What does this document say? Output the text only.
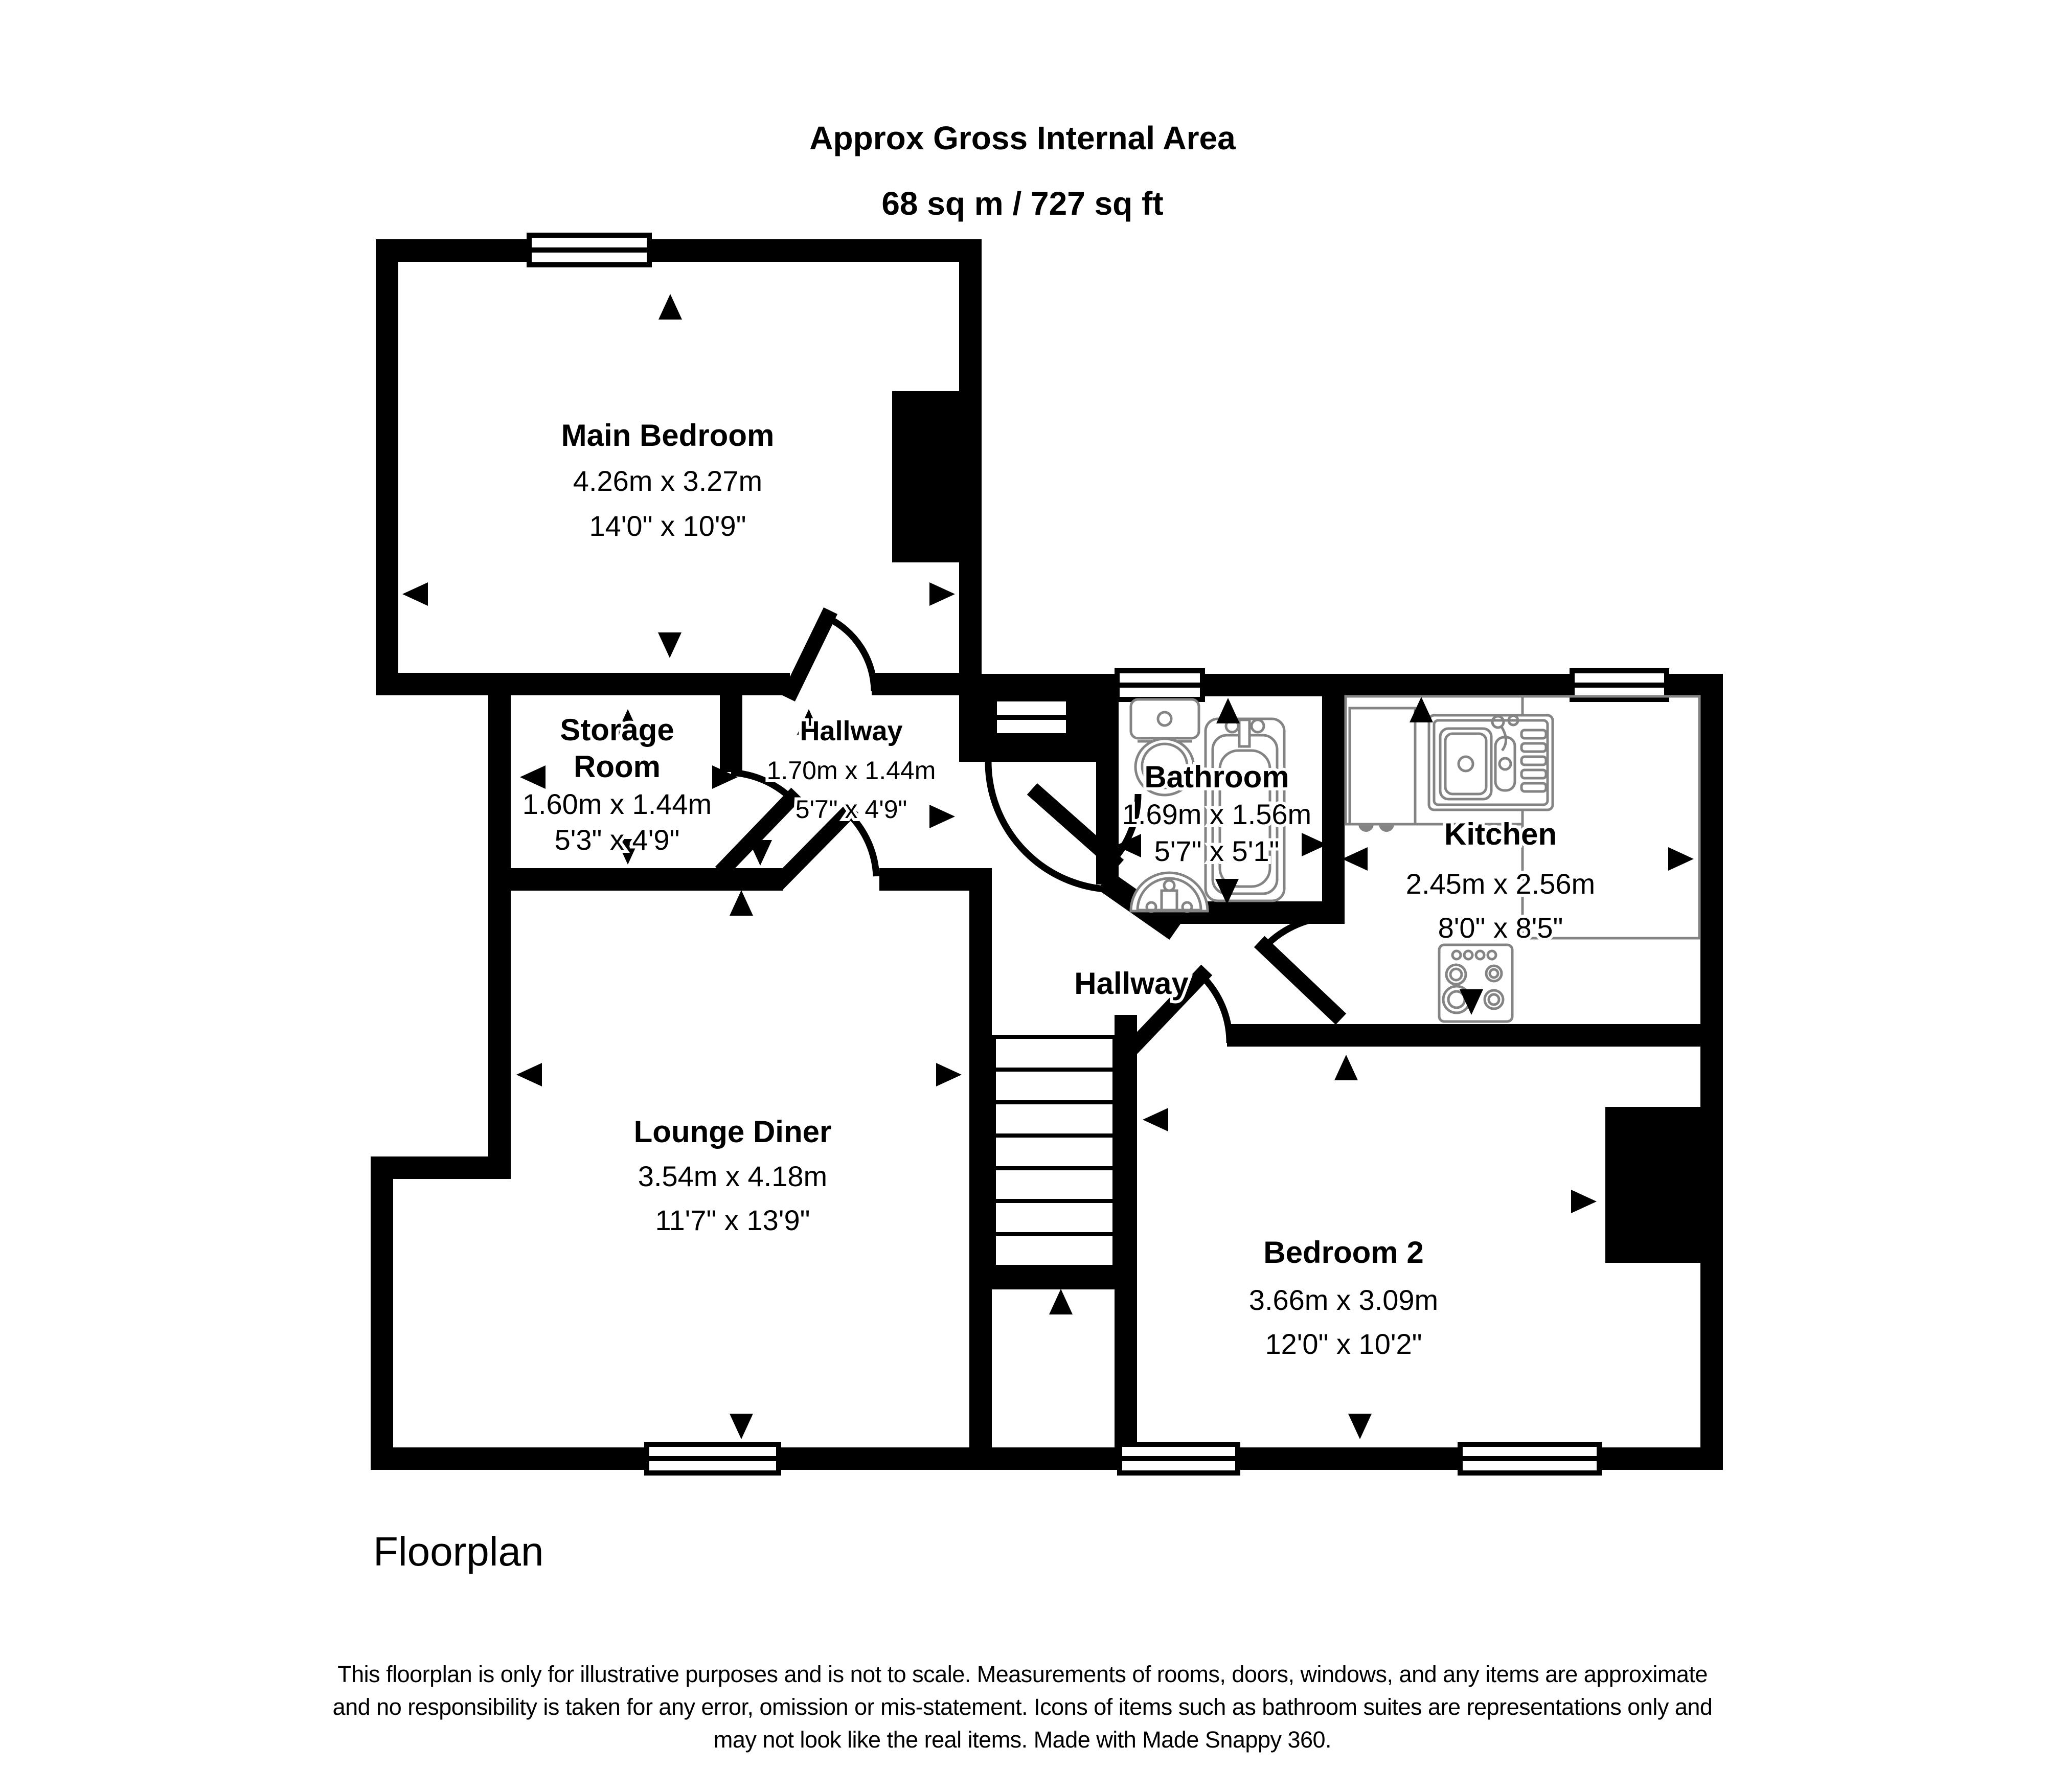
Approx Gross Internal Area
68 sq m / 727 sq ft
Main Bedroom
4.26m x 3.27m
14'0" x 10'9"
Storage
Room
1.60m x 1.44m
5'3" x 4'9"
Hallway
1.70m x 1.44m
5'7" x 4'9"
Bathroom
1.69m x 1.56m
5'7" x 5'1"	Kitchen
2.45m x 2.56m
8'0" x 8'5"
Hallway
Lounge Diner
3.54m x 4.18m
11'7" x 13'9"
Bedroom 2
3.66m x 3.09m
12'0" x 10'2"
Floorplan
This floorplan is only for illustrative purposes and is not to scale. Measurements of rooms, doors, windows, and any items are approximate
and no responsibility is taken for any error, omission or mis-statement. Icons of items such as bathroom suites are representations only and
may not look like the real items. Made with Made Snappy 360.
